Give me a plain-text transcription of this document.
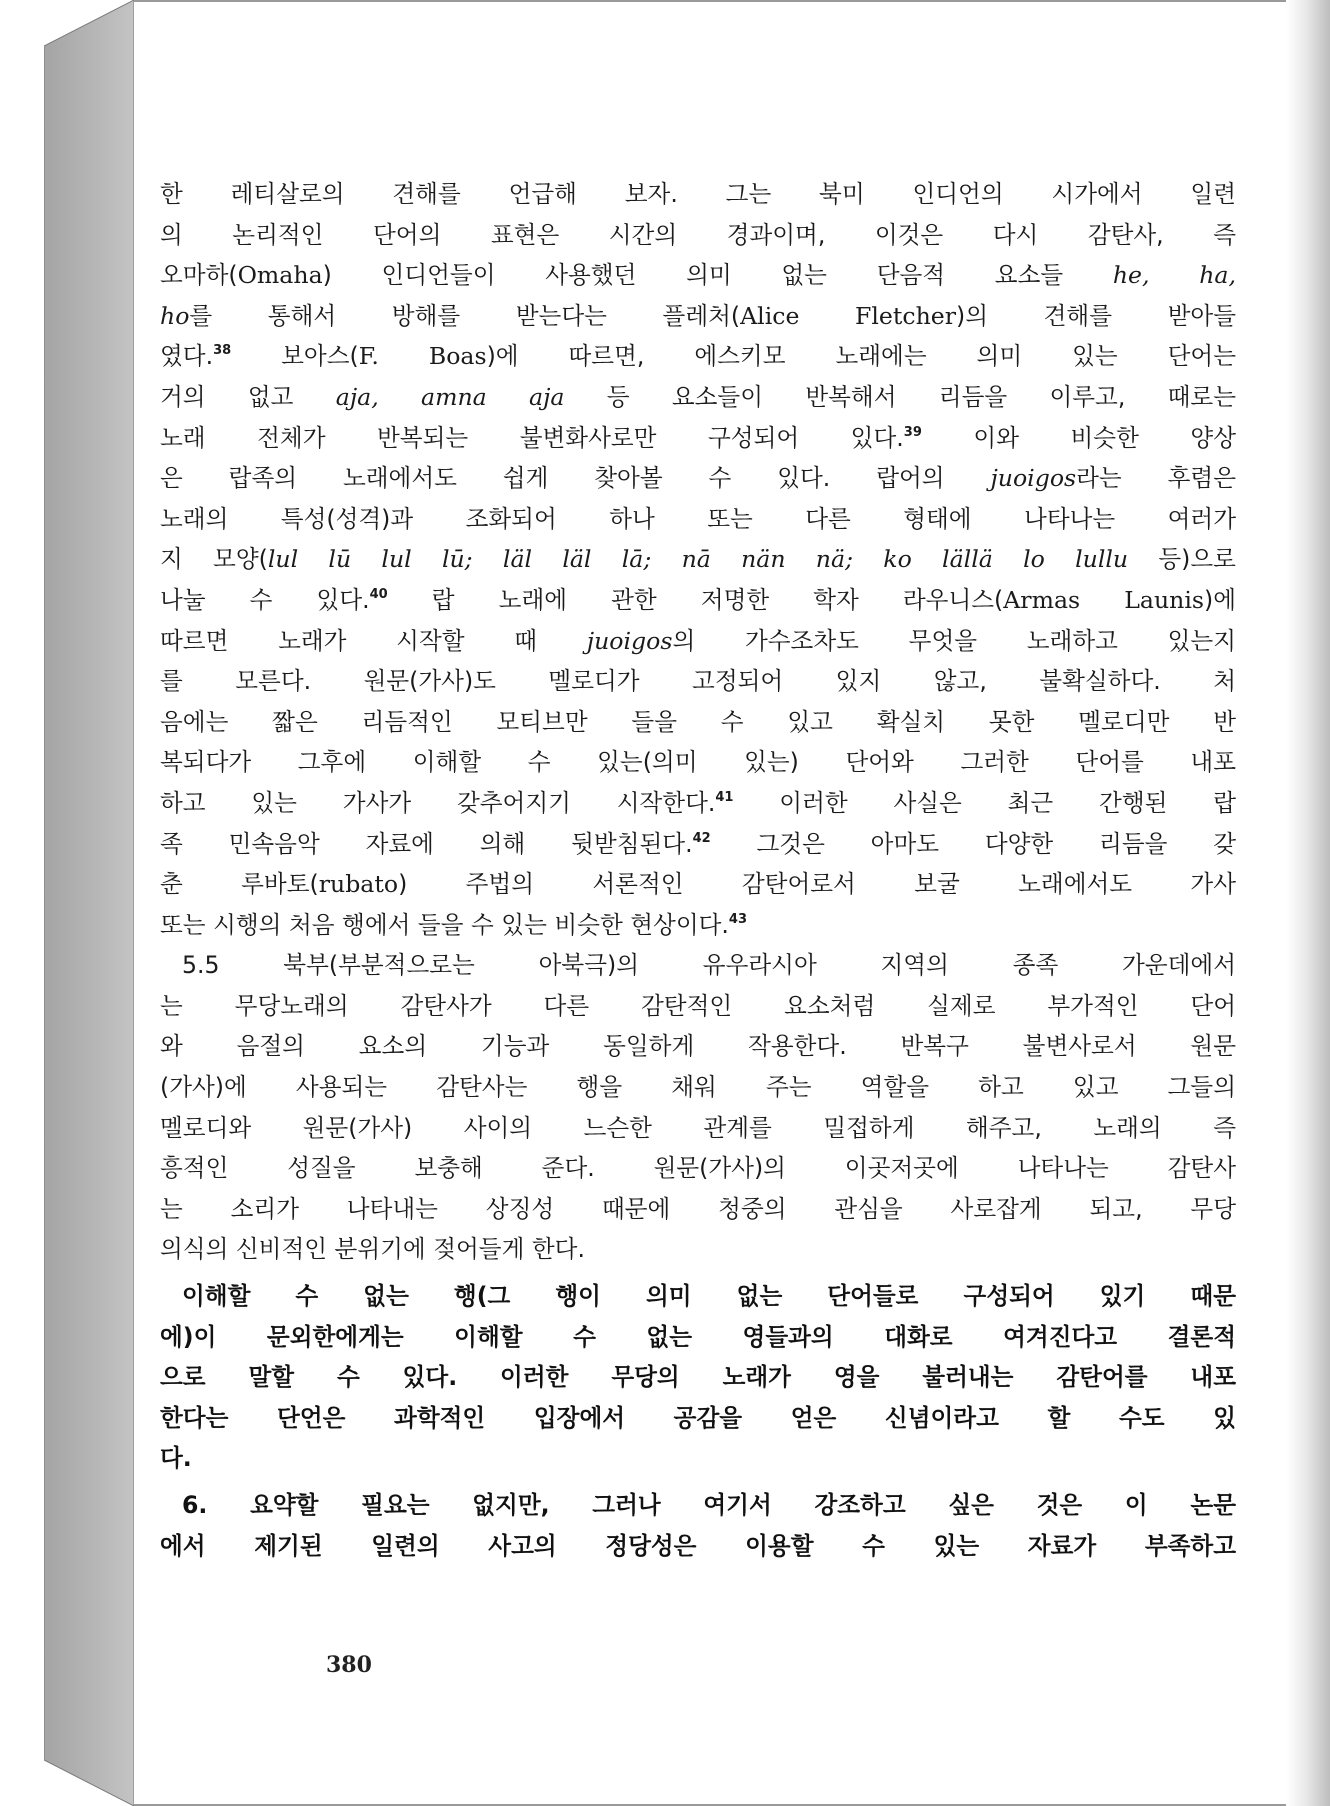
한 레티살로의 견해를 언급해 보자. 그는 북미 인디언의 시가에서 일련

의 논리적인 단어의 표현은 시간의 경과이며, 이것은 다시 감탄사, 즉

오마하(Omaha) 인디언들이 사용했던 의미 없는 단음적 요소들 he, ha,

ho를 통해서 방해를 받는다는 플레처(Alice Fletcher)의 견해를 받아들

였다.$^{38}$ 보아스(F. Boas)에 따르면, 에스키모 노래에는 의미 있는 단어는

거의 없고 aja, amna aja 등 요소들이 반복해서 리듬을 이루고, 때로는

노래 전체가 반복되는 불변화사로만 구성되어 있다.$^{39}$ 이와 비슷한 양상

은 랍족의 노래에서도 쉽게 찾아볼 수 있다. 랍어의 juoigos라는 후렴은

노래의 특성(성격)과 조화되어 하나 또는 다른 형태에 나타나는 여러가

지 모양(lul lū lul lū; läl läl lā; nā nän nä; ko lällä lo lullu 등)으로

나눌 수 있다.$^{40}$ 랍 노래에 관한 저명한 학자 라우니스(Armas Launis)에

따르면 노래가 시작할 때 juoigos의 가수조차도 무엇을 노래하고 있는지

를 모른다. 원문(가사)도 멜로디가 고정되어 있지 않고, 불확실하다. 처

음에는 짧은 리듬적인 모티브만 들을 수 있고 확실치 못한 멜로디만 반

복되다가 그후에 이해할 수 있는(의미 있는) 단어와 그러한 단어를 내포

하고 있는 가사가 갖추어지기 시작한다.$^{41}$ 이러한 사실은 최근 간행된 랍

족 민속음악 자료에 의해 뒷받침된다.$^{42}$ 그것은 아마도 다양한 리듬을 갖

춘 루바토(rubato) 주법의 서론적인 감탄어로서 보굴 노래에서도 가사

또는 시행의 처음 행에서 들을 수 있는 비슷한 현상이다.$^{43}$

5.5 북부(부분적으로는 아북극)의 유우라시아 지역의 종족 가운데에서

는 무당노래의 감탄사가 다른 감탄적인 요소처럼 실제로 부가적인 단어

와 음절의 요소의 기능과 동일하게 작용한다. 반복구 불변사로서 원문

(가사)에 사용되는 감탄사는 행을 채워 주는 역할을 하고 있고 그들의

멜로디와 원문(가사) 사이의 느슨한 관계를 밀접하게 해주고, 노래의 즉

흥적인 성질을 보충해 준다. 원문(가사)의 이곳저곳에 나타나는 감탄사

는 소리가 나타내는 상징성 때문에 청중의 관심을 사로잡게 되고, 무당

의식의 신비적인 분위기에 젖어들게 한다.

이해할 수 없는 행(그 행이 의미 없는 단어들로 구성되어 있기 때문

에)이 문외한에게는 이해할 수 없는 영들과의 대화로 여겨진다고 결론적

으로 말할 수 있다. 이러한 무당의 노래가 영을 불러내는 감탄어를 내포

한다는 단언은 과학적인 입장에서 공감을 얻은 신념이라고 할 수도 있

다.

6. 요약할 필요는 없지만, 그러나 여기서 강조하고 싶은 것은 이 논문

에서 제기된 일련의 사고의 정당성은 이용할 수 있는 자료가 부족하고

380
